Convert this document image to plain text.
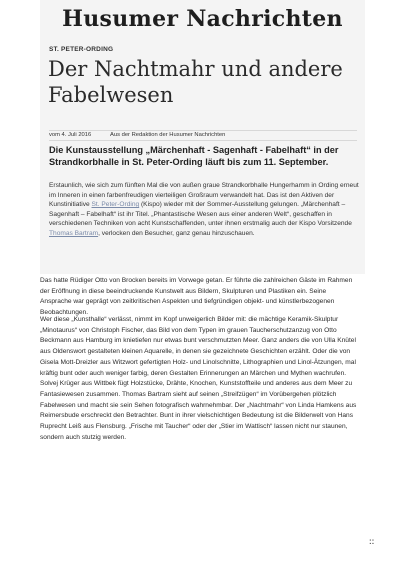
Husumer Nachrichten
ST. PETER-ORDING
Der Nachtmahr und andere Fabelwesen
vom 4. Juli 2016	Aus der Redaktion der Husumer Nachrichten
Die Kunstausstellung „Märchenhaft - Sagenhaft - Fabelhaft“ in der Strandkorbhalle in St. Peter-Ording läuft bis zum 11. September.
Erstaunlich, wie sich zum fünften Mal die von außen graue Strandkorbhalle Hungerhamm in Ording erneut im Inneren in einen farbenfreudigen vierteiligen Großraum verwandelt hat. Das ist den Aktiven der Kunstinitiative St. Peter-Ording (Kispo) wieder mit der Sommer-Ausstellung gelungen. „Märchenhaft – Sagenhaft – Fabelhaft“ ist ihr Titel. „Phantastische Wesen aus einer anderen Welt“, geschaffen in verschiedenen Techniken von acht Kunstschaffenden, unter ihnen erstmalig auch der Kispo Vorsitzende Thomas Bartram, verlocken den Besucher, ganz genau hinzuschauen.

Das hatte Rüdiger Otto von Brocken bereits im Vorwege getan. Er führte die zahlreichen Gäste im Rahmen der Eröffnung in diese beeindruckende Kunstwelt aus Bildern, Skulpturen und Plastiken ein. Seine Ansprache war geprägt von zeitkritischen Aspekten und tiefgründigen objekt- und künstlerbezogenen Beobachtungen.

Wer diese „Kunsthalle“ verlässt, nimmt im Kopf unweigerlich Bilder mit: die mächtige Keramik-Skulptur „Minotaurus“ von Christoph Fischer, das Bild von dem Typen im grauen Taucherschutzanzug von Otto Beckmann aus Hamburg im knietiefen nur etwas bunt verschmutzten Meer. Ganz anders die von Ulla Knütel aus Oldenswort gestalteten kleinen Aquarelle, in denen sie gezeichnete Geschichten erzählt. Oder die von Gisela Mott-Dreizler aus Witzwort gefertigten Holz- und Linolschnitte, Lithographien und Linol-Ätzungen, mal kräftig bunt oder auch weniger farbig, deren Gestalten Erinnerungen an Märchen und Mythen wachrufen. Solvej Krüger aus Wittbek fügt Holzstücke, Drähte, Knochen, Kunststoffteile und anderes aus dem Meer zu Fantasiewesen zusammen. Thomas Bartram sieht auf seinen „Streifzügen“ im Vorübergehen plötzlich Fabelwesen und macht sie sein Sehen fotografisch wahrnehmbar. Der „Nachtmahr“ von Linda Hamkens aus Reimersbude erschreckt den Betrachter. Bunt in ihrer vielschichtigen Bedeutung ist die Bilderwelt von Hans Ruprecht Leiß aus Flensburg. „Frische mit Taucher“ oder der „Stier im Wattisch“ lassen nicht nur staunen, sondern auch stutzig werden.

::
